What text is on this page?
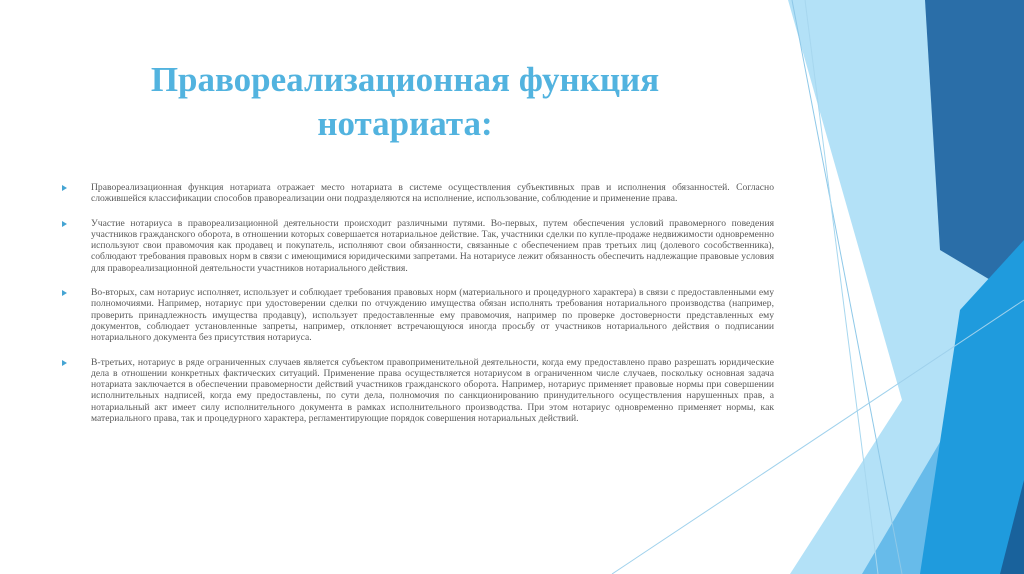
Правореализационная функция
нотариата:

Правореализационная функция нотариата отражает место нотариата в системе осуществления субъективных прав и исполнения обязанностей. Согласно сложившейся классификации способов правореализации они подразделяются на исполнение, использование, соблюдение и применение права.

Участие нотариуса в правореализационной деятельности происходит различными путями. Во-первых, путем обеспечения условий правомерного поведения участников гражданского оборота, в отношении которых совершается нотариальное действие. Так, участники сделки по купле-продаже недвижимости одновременно используют свои правомочия как продавец и покупатель, исполняют свои обязанности, связанные с обеспечением прав третьих лиц (долевого сособственника), соблюдают требования правовых норм в связи с имеющимися юридическими запретами. На нотариусе лежит обязанность обеспечить надлежащие правовые условия для правореализационной деятельности участников нотариального действия.

Во-вторых, сам нотариус исполняет, использует и соблюдает требования правовых норм (материального и процедурного характера) в связи с предоставленными ему полномочиями. Например, нотариус при удостоверении сделки по отчуждению имущества обязан исполнять требования нотариального производства (например, проверить принадлежность имущества продавцу), использует предоставленные ему правомочия, например по проверке достоверности представленных ему документов, соблюдает установленные запреты, например, отклоняет встречающуюся иногда просьбу от участников нотариального действия о подписании нотариального документа без присутствия нотариуса.

В-третьих, нотариус в ряде ограниченных случаев является субъектом правоприменительной деятельности, когда ему предоставлено право разрешать юридические дела в отношении конкретных фактических ситуаций. Применение права осуществляется нотариусом в ограниченном числе случаев, поскольку основная задача нотариата заключается в обеспечении правомерности действий участников гражданского оборота. Например, нотариус применяет правовые нормы при совершении исполнительных надписей, когда ему предоставлены, по сути дела, полномочия по санкционированию принудительного осуществления нарушенных прав, а нотариальный акт имеет силу исполнительного документа в рамках исполнительного производства. При этом нотариус одновременно применяет нормы, как материального права, так и процедурного характера, регламентирующие порядок совершения нотариальных действий.
